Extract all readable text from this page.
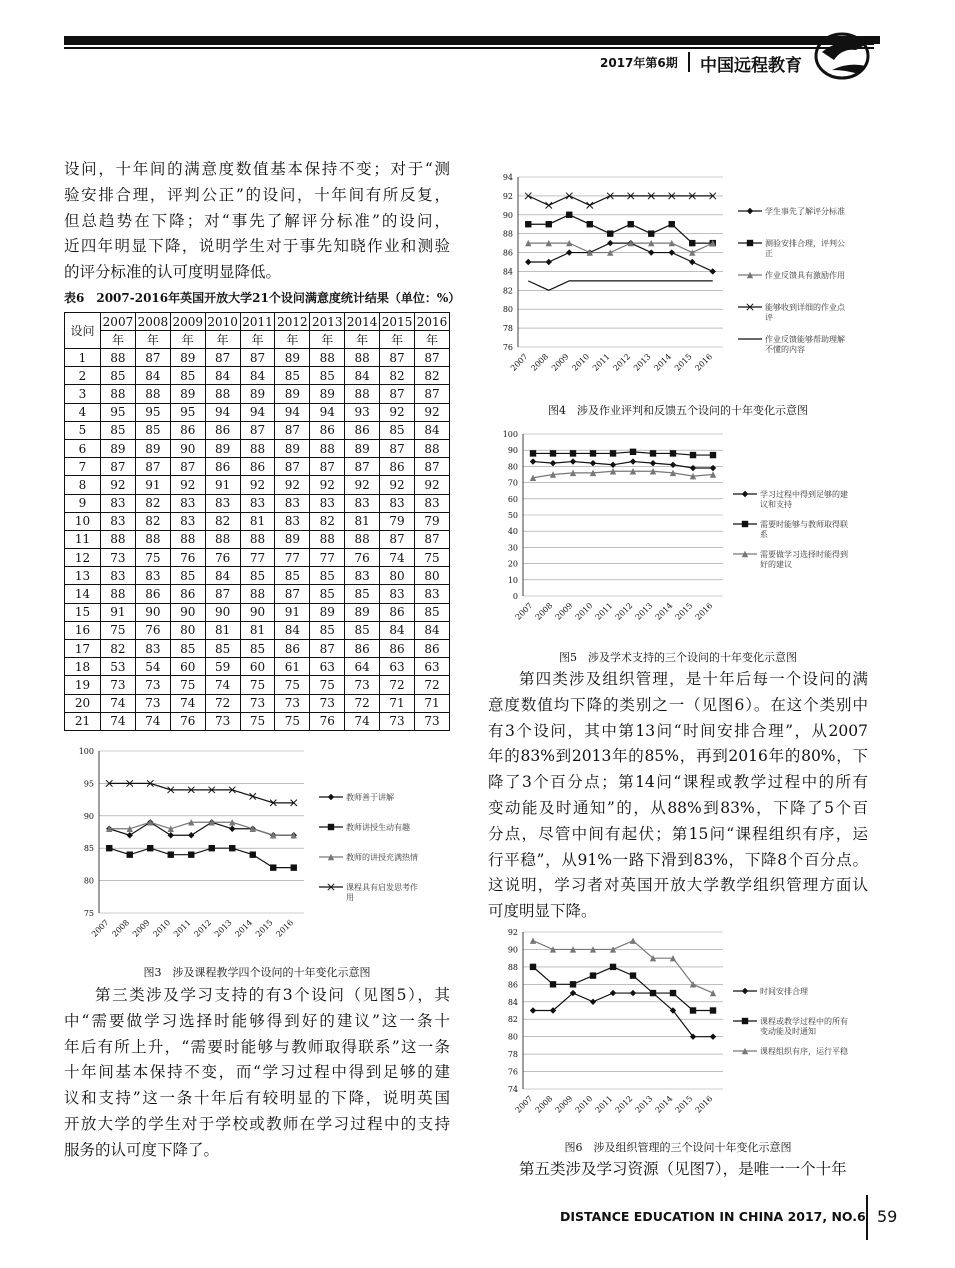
2017年第6期 中国远程教育
设问，十年间的满意度数值基本保持不变；对于“测
验安排合理，评判公正”的设问，十年间有所反复，
但总趋势在下降；对“事先了解评分标准”的设问，
近四年明显下降，说明学生对于事先知晓作业和测验
的评分标准的认可度明显降低。
表6　2007-2016年英国开放大学21个设问满意度统计结果（单位：%）
设问	2007	2008	2009	2010	2011	2012	2013	2014	2015	2016
	年	年	年	年	年	年	年	年	年	年
1	88	87	89	87	87	89	88	88	87	87
2	85	84	85	84	84	85	85	84	82	82
3	88	88	89	88	89	89	89	88	87	87
4	95	95	95	94	94	94	94	93	92	92
5	85	85	86	86	87	87	86	86	85	84
6	89	89	90	89	88	89	88	89	87	88
7	87	87	87	86	86	87	87	87	86	87
8	92	91	92	91	92	92	92	92	92	92
9	83	82	83	83	83	83	83	83	83	83
10	83	82	83	82	81	83	82	81	79	79
11	88	88	88	88	88	89	88	88	87	87
12	73	75	76	76	77	77	77	76	74	75
13	83	83	85	84	85	85	85	83	80	80
14	88	86	86	87	88	87	85	85	83	83
15	91	90	90	90	90	91	89	89	86	85
16	75	76	80	81	81	84	85	85	84	84
17	82	83	85	85	85	86	87	86	86	86
18	53	54	60	59	60	61	63	64	63	63
19	73	73	75	74	75	75	75	73	72	72
20	74	73	74	72	73	73	73	72	71	71
21	74	74	76	73	75	75	76	74	73	73
75
80
85
90
95
100
2007 2008 2009 2010 2011 2012 2013 2014 2015 2016
教师善于讲解
教师讲授生动有趣
教师的讲授充满热情
课程具有启发思考作用
图3　涉及课程教学四个设问的十年变化示意图
第三类涉及学习支持的有3个设问（见图5），其
中“需要做学习选择时能够得到好的建议”这一条十
年后有所上升，“需要时能够与教师取得联系”这一条
十年间基本保持不变，而“学习过程中得到足够的建
议和支持”这一条十年后有较明显的下降，说明英国
开放大学的学生对于学校或教师在学习过程中的支持
服务的认可度下降了。
76
78
80
82
84
86
88
90
92
94
2007 2008 2009 2010 2011 2012 2013 2014 2015 2016
学生事先了解评分标准
测验安排合理，评判公正
作业反馈具有激励作用
能够收到详细的作业点评
作业反馈能够帮助理解不懂的内容
图4　涉及作业评判和反馈五个设问的十年变化示意图
0
10
20
30
40
50
60
70
80
90
100
2007 2008 2009 2010 2011 2012 2013 2014 2015 2016
学习过程中得到足够的建议和支持
需要时能够与教师取得联系
需要做学习选择时能得到好的建议
图5　涉及学术支持的三个设问的十年变化示意图
第四类涉及组织管理，是十年后每一个设问的满
意度数值均下降的类别之一（见图6）。在这个类别中
有3个设问，其中第13问“时间安排合理”，从2007
年的83%到2013年的85%，再到2016年的80%，下
降了3个百分点；第14问“课程或教学过程中的所有
变动能及时通知”的，从88%到83%，下降了5个百
分点，尽管中间有起伏；第15问“课程组织有序，运
行平稳”，从91%一路下滑到83%，下降8个百分点。
这说明，学习者对英国开放大学教学组织管理方面认
可度明显下降。
74
76
78
80
82
84
86
88
90
92
2007 2008 2009 2010 2011 2012 2013 2014 2015 2016
时间安排合理
课程或教学过程中的所有变动能及时通知
课程组织有序，运行平稳
图6　涉及组织管理的三个设问十年变化示意图
第五类涉及学习资源（见图7），是唯一一个十年
DISTANCE EDUCATION IN CHINA 2017, NO.6 59
